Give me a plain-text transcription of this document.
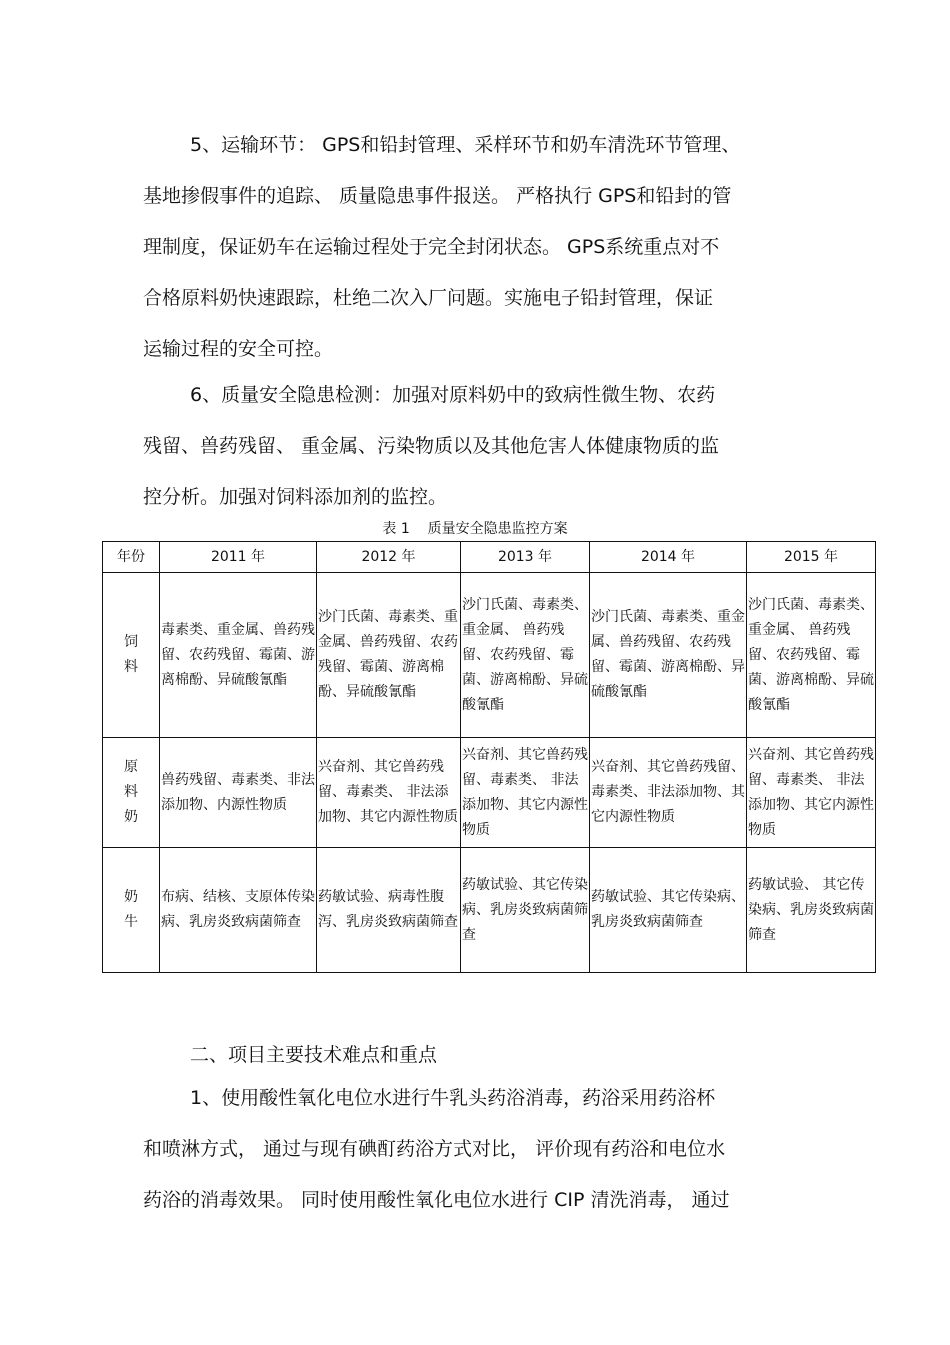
5、运输环节： GPS和铅封管理、采样环节和奶车清洗环节管理、
基地掺假事件的追踪、 质量隐患事件报送。 严格执行 GPS和铅封的管
理制度，保证奶车在运输过程处于完全封闭状态。 GPS系统重点对不
合格原料奶快速跟踪，杜绝二次入厂问题。实施电子铅封管理，保证
运输过程的安全可控。
6、质量安全隐患检测：加强对原料奶中的致病性微生物、农药
残留、兽药残留、 重金属、污染物质以及其他危害人体健康物质的监
控分析。加强对饲料添加剂的监控。
表 1    质量安全隐患监控方案
年份	2011 年	2012 年	2013 年	2014 年	2015 年
饲料	毒素类、重金属、兽药残留、农药残留、霉菌、游离棉酚、异硫酸氰酯	沙门氏菌、毒素类、重金属、兽药残留、农药残留、霉菌、游离棉酚、异硫酸氰酯	沙门氏菌、毒素类、重金属、 兽药残留、农药残留、霉菌、游离棉酚、异硫酸氰酯	沙门氏菌、毒素类、重金属、兽药残留、农药残留、霉菌、游离棉酚、异硫酸氰酯	沙门氏菌、毒素类、重金属、 兽药残留、农药残留、霉菌、游离棉酚、异硫酸氰酯
原料奶	兽药残留、毒素类、非法添加物、内源性物质	兴奋剂、其它兽药残留、毒素类、 非法添加物、其它内源性物质	兴奋剂、其它兽药残留、毒素类、 非法添加物、其它内源性物质	兴奋剂、其它兽药残留、毒素类、非法添加物、其它内源性物质	兴奋剂、其它兽药残留、毒素类、 非法添加物、其它内源性物质
奶牛	布病、结核、支原体传染病、乳房炎致病菌筛查	药敏试验、病毒性腹泻、乳房炎致病菌筛查	药敏试验、其它传染病、乳房炎致病菌筛查	药敏试验、其它传染病、乳房炎致病菌筛查	药敏试验、 其它传染病、乳房炎致病菌筛查
二、项目主要技术难点和重点
1、使用酸性氧化电位水进行牛乳头药浴消毒，药浴采用药浴杯
和喷淋方式， 通过与现有碘酊药浴方式对比， 评价现有药浴和电位水
药浴的消毒效果。 同时使用酸性氧化电位水进行 CIP 清洗消毒， 通过
